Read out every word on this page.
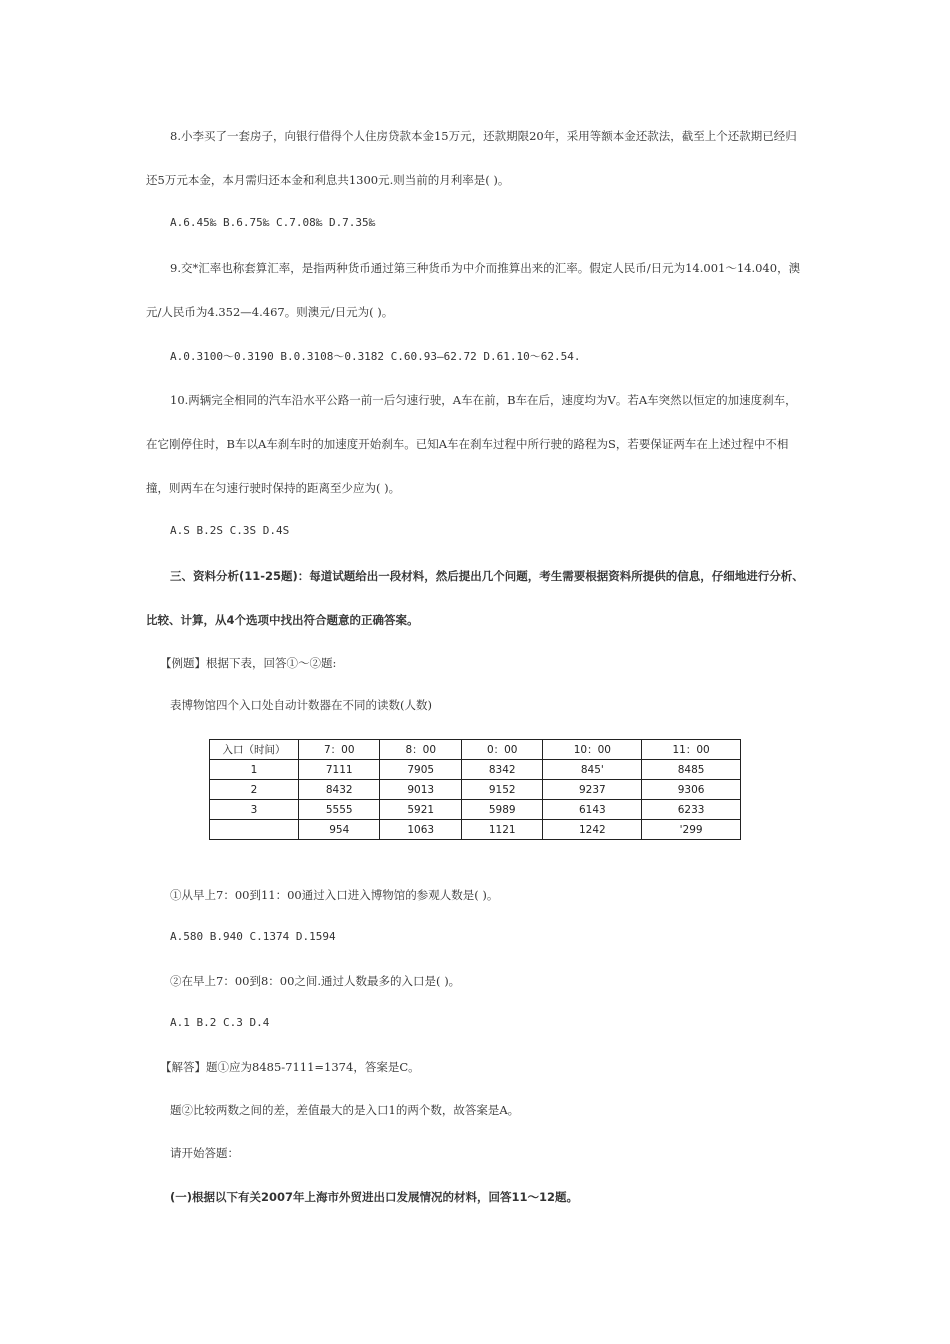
8.小李买了一套房子，向银行借得个人住房贷款本金15万元，还款期限20年，采用等额本金还款法，截至上个还款期已经归还5万元本金，本月需归还本金和利息共1300元.则当前的月利率是( )。

A.6.45‰ B.6.75‰ C.7.08‰ D.7.35‰

9.交*汇率也称套算汇率，是指两种货币通过第三种货币为中介而推算出来的汇率。假定人民币/日元为14.001～14.040，澳元/人民币为4.352—4.467。则澳元/日元为( )。

A.0.3100～0.3190 B.0.3108～0.3182 C.60.93—62.72 D.61.10～62.54.

10.两辆完全相同的汽车沿水平公路一前一后匀速行驶，A车在前，B车在后，速度均为V。若A车突然以恒定的加速度刹车，在它刚停住时，B车以A车刹车时的加速度开始刹车。已知A车在刹车过程中所行驶的路程为S，若要保证两车在上述过程中不相撞，则两车在匀速行驶时保持的距离至少应为( )。

A.S B.2S C.3S D.4S

三、资料分析(11-25题)：每道试题给出一段材料，然后提出几个问题，考生需要根据资料所提供的信息，仔细地进行分析、比较、计算，从4个选项中找出符合题意的正确答案。

【例题】根据下表，回答①～②题:

表博物馆四个入口处自动计数器在不同的读数(人数)

入口（时间）	7：00	8：00	0：00	10：00	11：00
1	7111	7905	8342	845'	8485
2	8432	9013	9152	9237	9306
3	5555	5921	5989	6143	6233
	954	1063	1121	1242	'299

①从早上7：00到11：00通过入口进入博物馆的参观人数是( )。

A.580 B.940 C.1374 D.1594

②在早上7：00到8：00之间.通过人数最多的入口是( )。

A.1 B.2 C.3 D.4

【解答】题①应为8485-7111=1374，答案是C。

题②比较两数之间的差，差值最大的是入口1的两个数，故答案是A。

请开始答题：

(一)根据以下有关2007年上海市外贸进出口发展情况的材料，回答11～12题。
